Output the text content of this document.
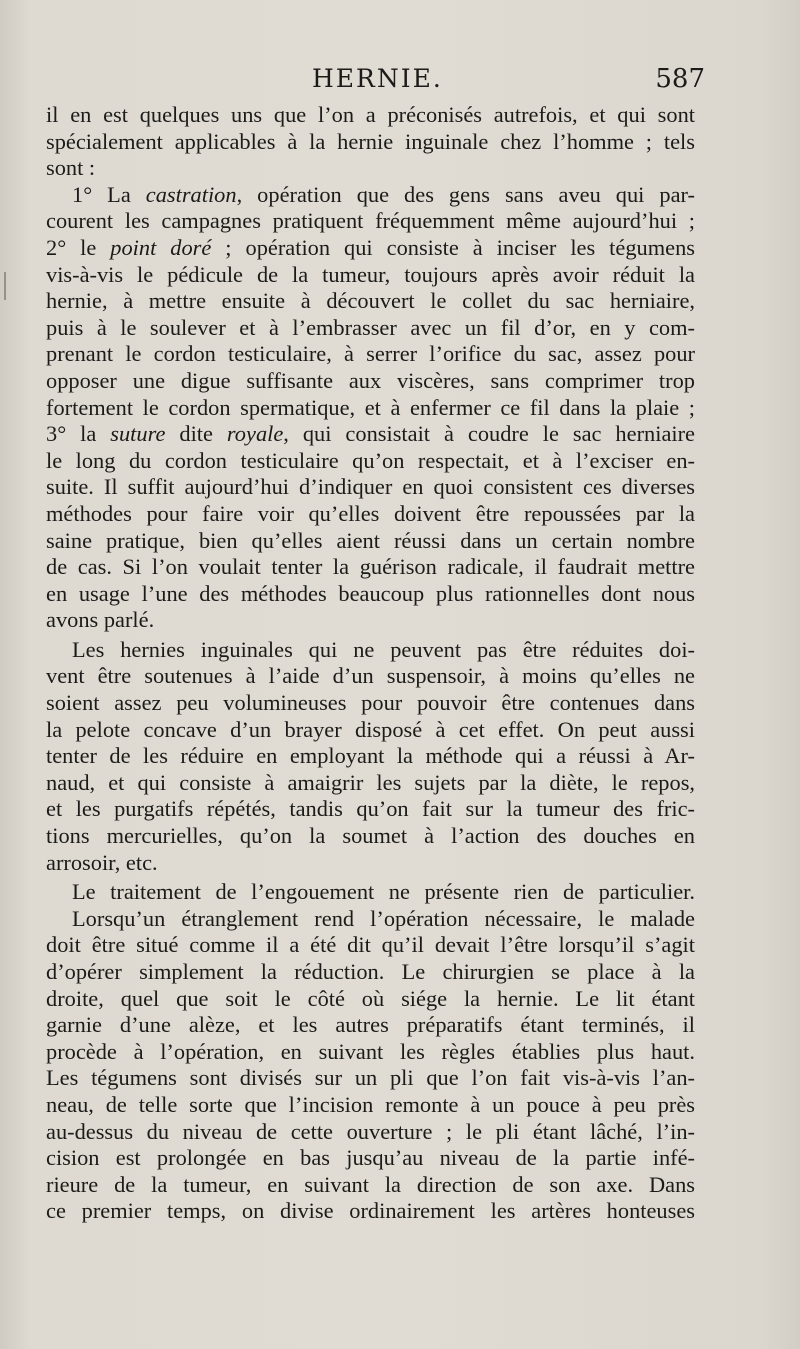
HERNIE.	587
il en est quelques uns que l’on a préconisés autrefois, et qui sont
spécialement applicables à la hernie inguinale chez l’homme ; tels
sont :
1° La castration, opération que des gens sans aveu qui par-
courent les campagnes pratiquent fréquemment même aujourd’hui ;
2° le point doré ; opération qui consiste à inciser les tégumens
vis-à-vis le pédicule de la tumeur, toujours après avoir réduit la
hernie, à mettre ensuite à découvert le collet du sac herniaire,
puis à le soulever et à l’embrasser avec un fil d’or, en y com-
prenant le cordon testiculaire, à serrer l’orifice du sac, assez pour
opposer une digue suffisante aux viscères, sans comprimer trop
fortement le cordon spermatique, et à enfermer ce fil dans la plaie ;
3° la suture dite royale, qui consistait à coudre le sac herniaire
le long du cordon testiculaire qu’on respectait, et à l’exciser en-
suite. Il suffit aujourd’hui d’indiquer en quoi consistent ces diverses
méthodes pour faire voir qu’elles doivent être repoussées par la
saine pratique, bien qu’elles aient réussi dans un certain nombre
de cas. Si l’on voulait tenter la guérison radicale, il faudrait mettre
en usage l’une des méthodes beaucoup plus rationnelles dont nous
avons parlé.
Les hernies inguinales qui ne peuvent pas être réduites doi-
vent être soutenues à l’aide d’un suspensoir, à moins qu’elles ne
soient assez peu volumineuses pour pouvoir être contenues dans
la pelote concave d’un brayer disposé à cet effet. On peut aussi
tenter de les réduire en employant la méthode qui a réussi à Ar-
naud, et qui consiste à amaigrir les sujets par la diète, le repos,
et les purgatifs répétés, tandis qu’on fait sur la tumeur des fric-
tions mercurielles, qu’on la soumet à l’action des douches en
arrosoir, etc.
Le traitement de l’engouement ne présente rien de particulier.
Lorsqu’un étranglement rend l’opération nécessaire, le malade
doit être situé comme il a été dit qu’il devait l’être lorsqu’il s’agit
d’opérer simplement la réduction. Le chirurgien se place à la
droite, quel que soit le côté où siége la hernie. Le lit étant
garnie d’une alèze, et les autres préparatifs étant terminés, il
procède à l’opération, en suivant les règles établies plus haut.
Les tégumens sont divisés sur un pli que l’on fait vis-à-vis l’an-
neau, de telle sorte que l’incision remonte à un pouce à peu près
au-dessus du niveau de cette ouverture ; le pli étant lâché, l’in-
cision est prolongée en bas jusqu’au niveau de la partie infé-
rieure de la tumeur, en suivant la direction de son axe. Dans
ce premier temps, on divise ordinairement les artères honteuses
